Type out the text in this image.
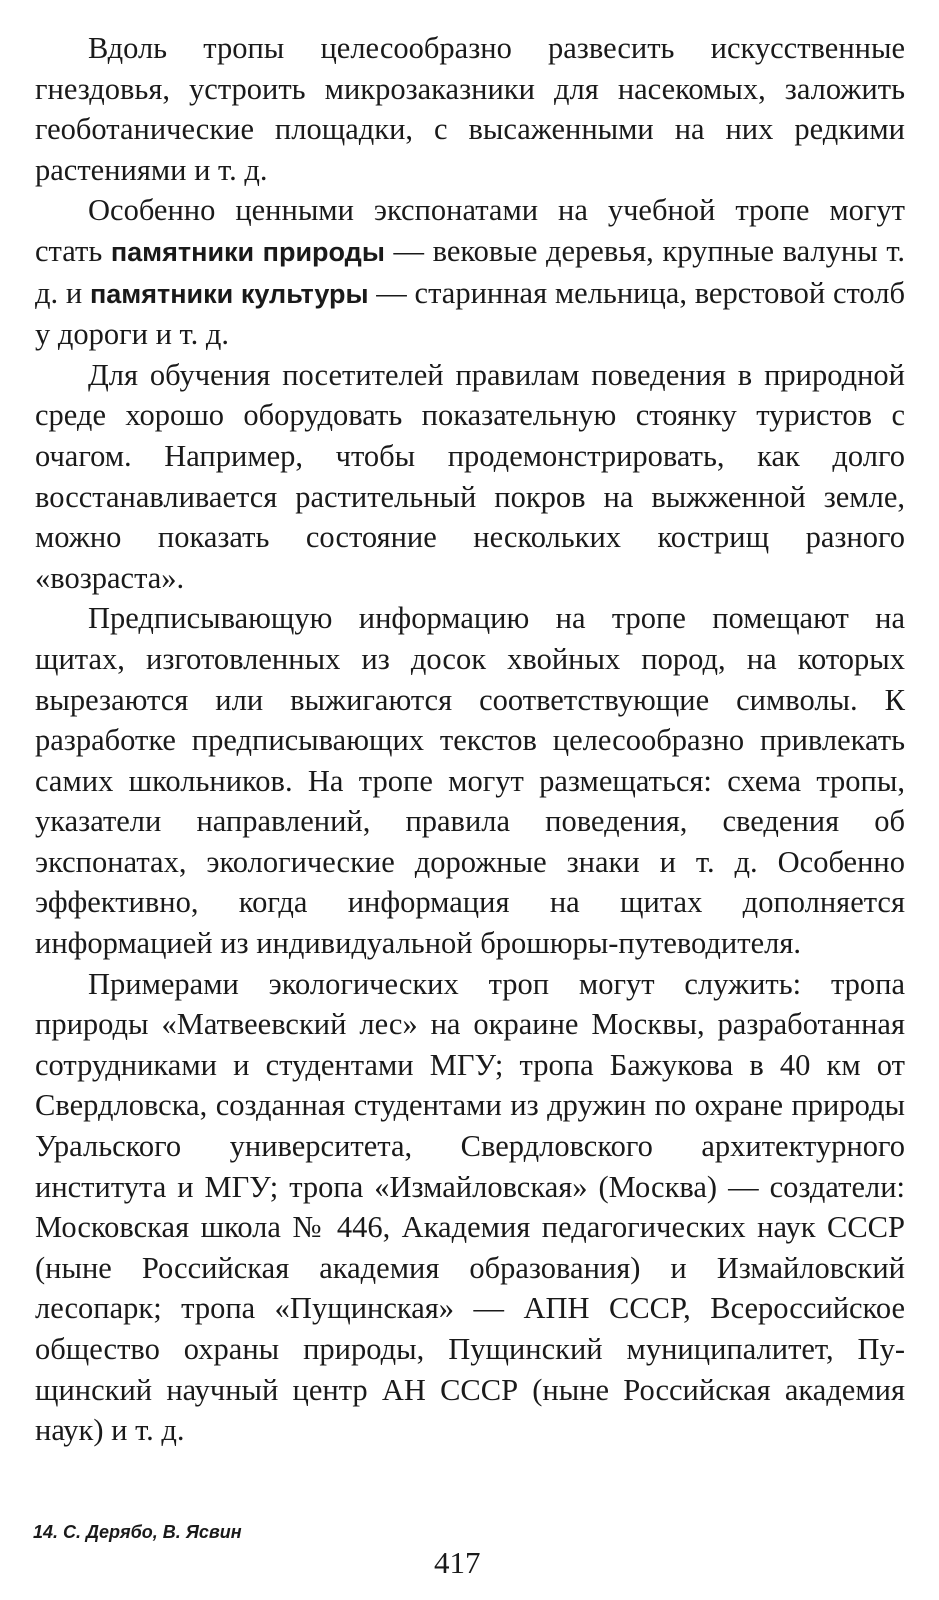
Вдоль тропы целесообразно развесить искусственные гнездовья, устроить микрозаказники для насекомых, заложить геоботанические площадки, с высаженными на них редкими растениями и т. д.

Особенно ценными экспонатами на учебной тропе могут стать памятники природы — вековые деревья, крупные валуны т. д. и памятники культуры — старинная мельница, верстовой столб у дороги и т. д.

Для обучения посетителей правилам поведения в природной среде хорошо оборудовать показательную стоянку туристов с очагом. Например, чтобы продемонстрировать, как долго восстанавливается растительный покров на выжженной земле, можно показать состояние нескольких кострищ разного «возраста».

Предписывающую информацию на тропе помещают на щитах, изготовленных из досок хвойных пород, на которых вырезаются или выжигаются соответствующие символы. К разработке предписывающих текстов целесообразно привлекать самих школьников. На тропе могут размещаться: схема тропы, указатели направлений, правила поведения, сведения об экспонатах, экологические дорожные знаки и т. д. Особенно эффективно, когда информация на щитах дополняется информацией из индивидуальной брошюры-путеводителя.

Примерами экологических троп могут служить: тропа природы «Матвеевский лес» на окраине Москвы, разработанная сотрудниками и студентами МГУ; тропа Бажукова в 40 км от Свердловска, созданная студентами из дружин по охране природы Уральского университета, Свердловского архитектурного института и МГУ; тропа «Измайловская» (Москва) — создатели: Московская школа № 446, Академия педагогических наук СССР (ныне Российская академия образования) и Измайловский лесопарк; тропа «Пущинская» — АПН СССР, Всероссийское общество охраны природы, Пущинский муниципалитет, Пущинский научный центр АН СССР (ныне Российская академия наук) и т. д.

14. С. Дерябо, В. Ясвин
417
